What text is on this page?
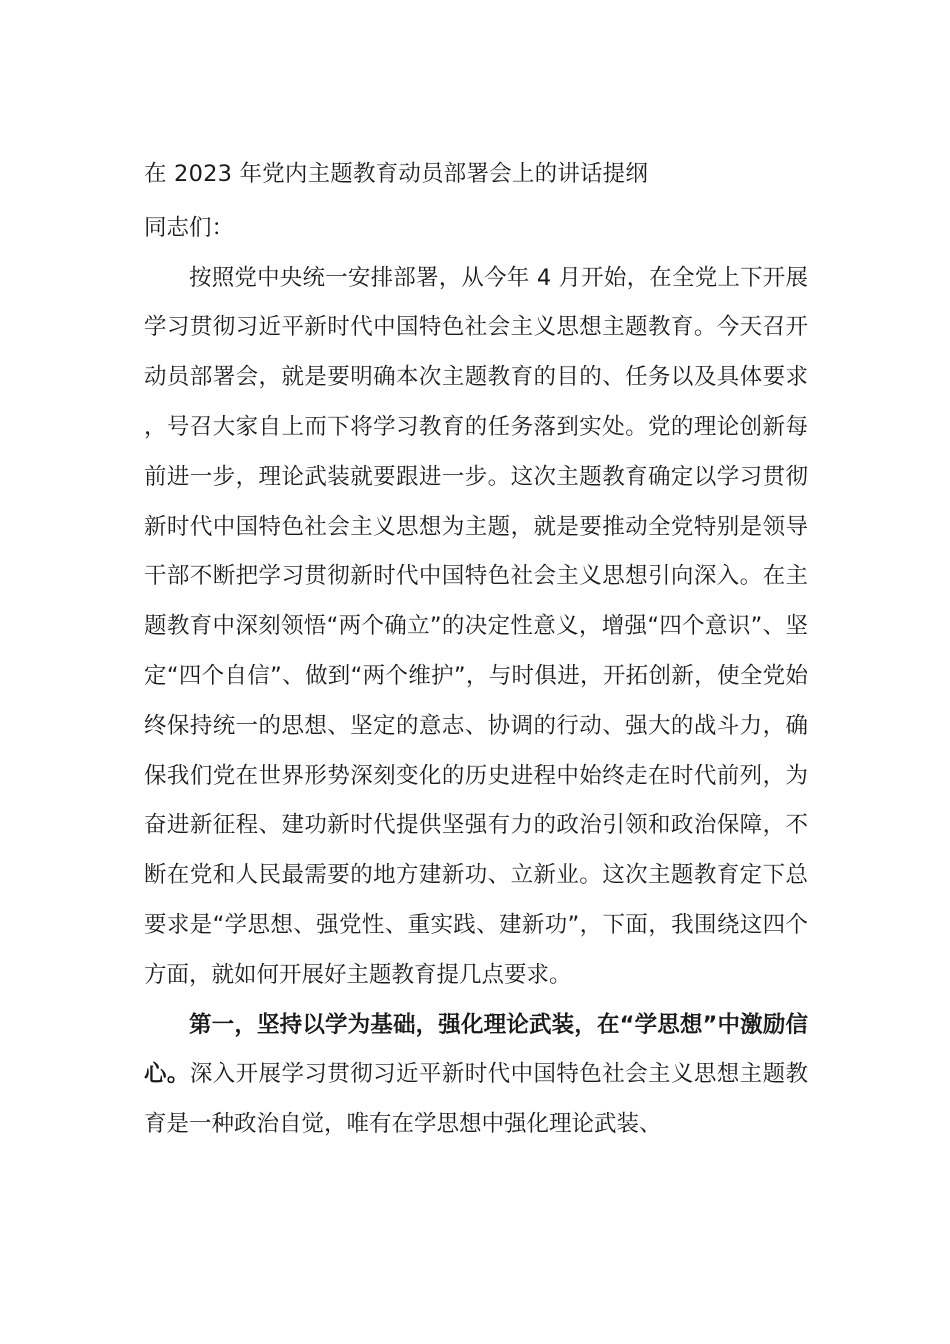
在 2023 年党内主题教育动员部署会上的讲话提纲

同志们：

按照党中央统一安排部署，从今年 4 月开始，在全党上下开展学习贯彻习近平新时代中国特色社会主义思想主题教育。今天召开动员部署会，就是要明确本次主题教育的目的、任务以及具体要求，号召大家自上而下将学习教育的任务落到实处。党的理论创新每前进一步，理论武装就要跟进一步。这次主题教育确定以学习贯彻新时代中国特色社会主义思想为主题，就是要推动全党特别是领导干部不断把学习贯彻新时代中国特色社会主义思想引向深入。在主题教育中深刻领悟“两个确立”的决定性意义，增强“四个意识”、坚定“四个自信”、做到“两个维护”，与时俱进，开拓创新，使全党始终保持统一的思想、坚定的意志、协调的行动、强大的战斗力，确保我们党在世界形势深刻变化的历史进程中始终走在时代前列，为奋进新征程、建功新时代提供坚强有力的政治引领和政治保障，不断在党和人民最需要的地方建新功、立新业。这次主题教育定下总要求是“学思想、强党性、重实践、建新功”，下面，我围绕这四个方面，就如何开展好主题教育提几点要求。

第一，坚持以学为基础，强化理论武装，在“学思想”中激励信心。深入开展学习贯彻习近平新时代中国特色社会主义思想主题教育是一种政治自觉，唯有在学思想中强化理论武装、
